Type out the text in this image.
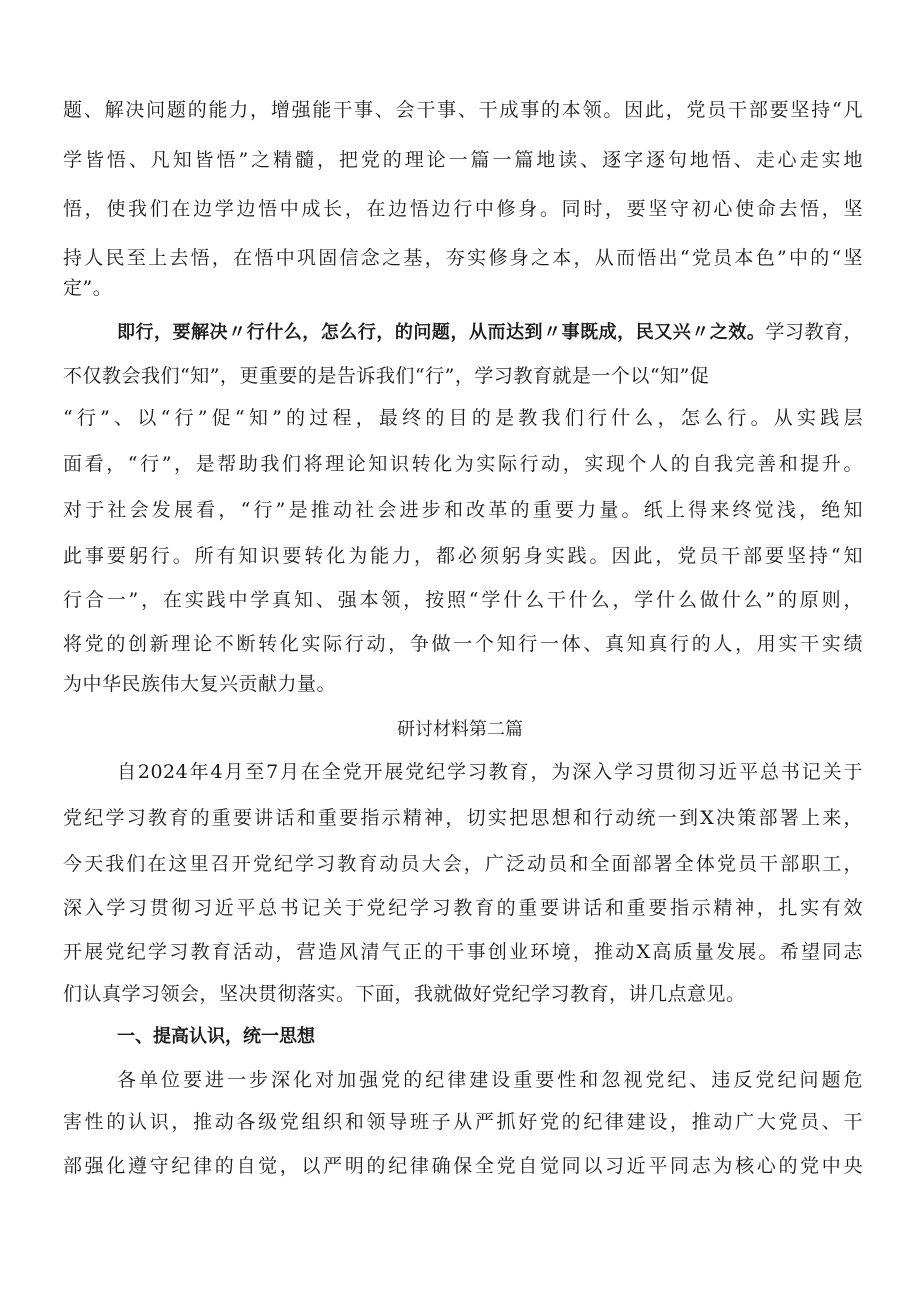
题、解决问题的能力，增强能干事、会干事、干成事的本领。因此，党员干部要坚持“凡
学皆悟、凡知皆悟”之精髓，把党的理论一篇一篇地读、逐字逐句地悟、走心走实地
悟，使我们在边学边悟中成长，在边悟边行中修身。同时，要坚守初心使命去悟，坚
持人民至上去悟，在悟中巩固信念之基，夯实修身之本，从而悟出“党员本色”中的“坚
定”。
即行，要解决〃行什么，怎么行，的问题，从而达到〃事既成，民又兴〃之效。学习教育，
不仅教会我们“知”，更重要的是告诉我们“行”，学习教育就是一个以“知”促
“行”、以“行”促“知”的过程，最终的目的是教我们行什么，怎么行。从实践层
面看，“行”，是帮助我们将理论知识转化为实际行动，实现个人的自我完善和提升。
对于社会发展看，“行”是推动社会进步和改革的重要力量。纸上得来终觉浅，绝知
此事要躬行。所有知识要转化为能力，都必须躬身实践。因此，党员干部要坚持“知
行合一”，在实践中学真知、强本领，按照“学什么干什么，学什么做什么”的原则，
将党的创新理论不断转化实际行动，争做一个知行一体、真知真行的人，用实干实绩
为中华民族伟大复兴贡献力量。
研讨材料第二篇
自2024年4月至7月在全党开展党纪学习教育，为深入学习贯彻习近平总书记关于
党纪学习教育的重要讲话和重要指示精神，切实把思想和行动统一到X决策部署上来，
今天我们在这里召开党纪学习教育动员大会，广泛动员和全面部署全体党员干部职工，
深入学习贯彻习近平总书记关于党纪学习教育的重要讲话和重要指示精神，扎实有效
开展党纪学习教育活动，营造风清气正的干事创业环境，推动X高质量发展。希望同志
们认真学习领会，坚决贯彻落实。下面，我就做好党纪学习教育，讲几点意见。
一、提高认识，统一思想
各单位要进一步深化对加强党的纪律建设重要性和忽视党纪、违反党纪问题危
害性的认识，推动各级党组织和领导班子从严抓好党的纪律建设，推动广大党员、干
部强化遵守纪律的自觉，以严明的纪律确保全党自觉同以习近平同志为核心的党中央
